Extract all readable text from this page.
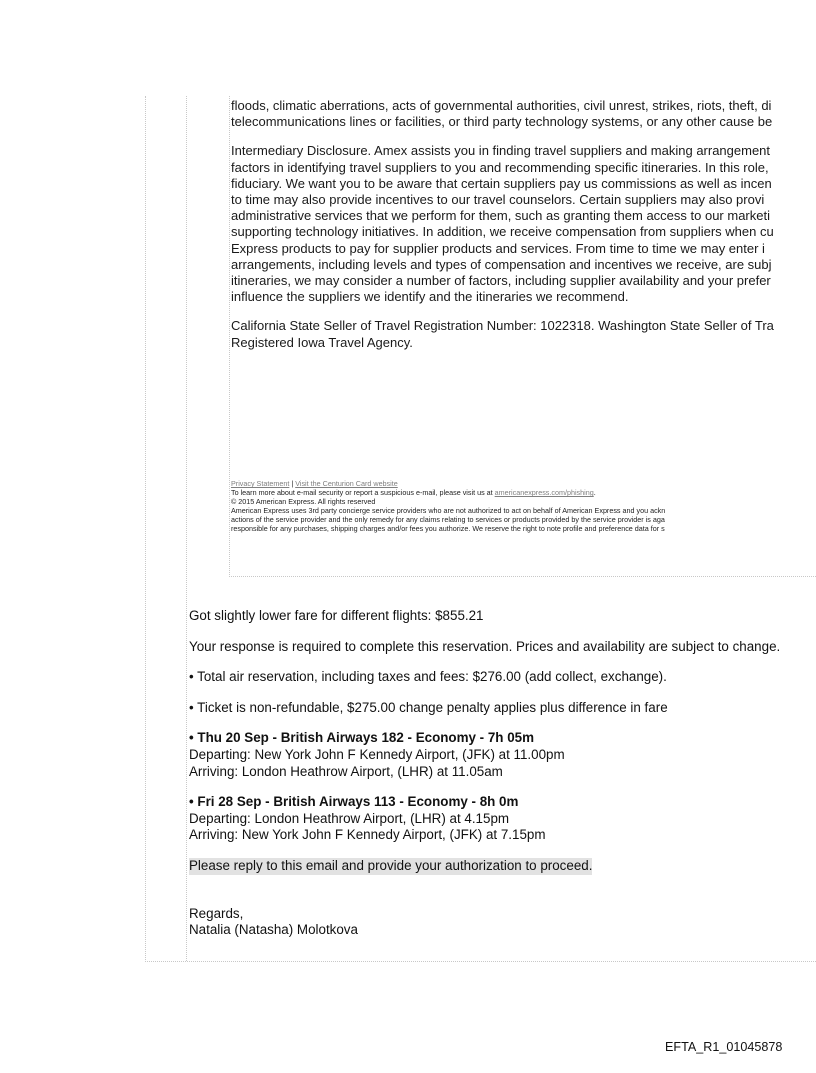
floods, climatic aberrations, acts of governmental authorities, civil unrest, strikes, riots, theft, di
telecommunications lines or facilities, or third party technology systems, or any other cause be

Intermediary Disclosure. Amex assists you in finding travel suppliers and making arrangement
factors in identifying travel suppliers to you and recommending specific itineraries. In this role,
fiduciary. We want you to be aware that certain suppliers pay us commissions as well as incen
to time may also provide incentives to our travel counselors. Certain suppliers may also provi
administrative services that we perform for them, such as granting them access to our marketi
supporting technology initiatives. In addition, we receive compensation from suppliers when cu
Express products to pay for supplier products and services. From time to time we may enter i
arrangements, including levels and types of compensation and incentives we receive, are subj
itineraries, we may consider a number of factors, including supplier availability and your prefer
influence the suppliers we identify and the itineraries we recommend.

California State Seller of Travel Registration Number: 1022318. Washington State Seller of Tra
Registered Iowa Travel Agency.

Privacy Statement | Visit the Centurion Card website
To learn more about e-mail security or report a suspicious e-mail, please visit us at americanexpress.com/phishing.
© 2015 American Express. All rights reserved
American Express uses 3rd party concierge service providers who are not authorized to act on behalf of American Express and you ackn
actions of the service provider and the only remedy for any claims relating to services or products provided by the service provider is aga
responsible for any purchases, shipping charges and/or fees you authorize. We reserve the right to note profile and preference data for s

Got slightly lower fare for different flights: $855.21

Your response is required to complete this reservation. Prices and availability are subject to change.

• Total air reservation, including taxes and fees: $276.00 (add collect, exchange).

• Ticket is non-refundable, $275.00 change penalty applies plus difference in fare

• Thu 20 Sep - British Airways 182 - Economy - 7h 05m
Departing: New York John F Kennedy Airport, (JFK) at 11.00pm
Arriving: London Heathrow Airport, (LHR) at 11.05am

• Fri 28 Sep - British Airways 113 - Economy - 8h 0m
Departing: London Heathrow Airport, (LHR) at 4.15pm
Arriving: New York John F Kennedy Airport, (JFK) at 7.15pm

Please reply to this email and provide your authorization to proceed.

Regards,
Natalia (Natasha) Molotkova

EFTA_R1_01045878
